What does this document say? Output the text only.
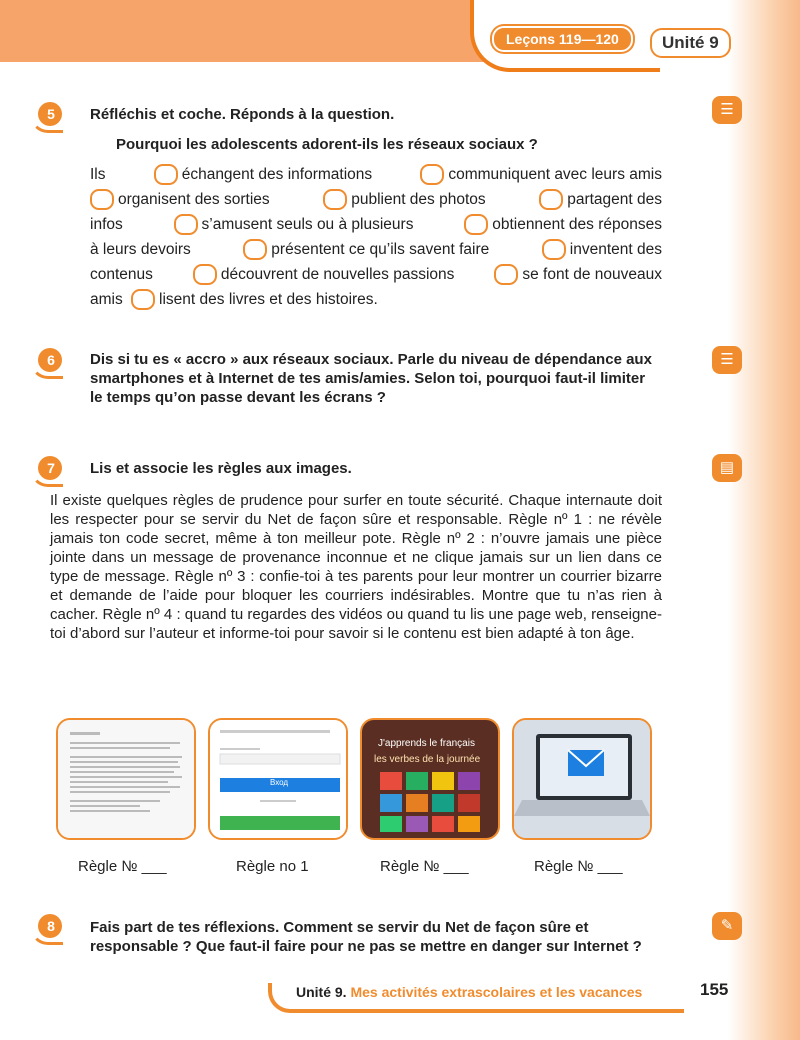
Leçons 119—120	Unité 9
5	Réfléchis et coche. Réponds à la question.
Pourquoi les adolescents adorent-ils les réseaux sociaux ?
☰
Ils	échangent des informations	communiquent avec leurs amis
organisent des sorties	publient des photos	partagent des
infos	s’amusent seuls ou à plusieurs	obtiennent des réponses
à leurs devoirs	présentent ce qu’ils savent faire	inventent des
contenus	découvrent de nouvelles passions	se font de nouveaux
amis lisent des livres et des histoires.
6	Dis si tu es « accro » aux réseaux sociaux. Parle du niveau de dépendance aux smartphones et à Internet de tes amis/amies. Selon toi, pourquoi faut-il limiter le temps qu’on passe devant les écrans ?
☰
7	Lis et associe les règles aux images.	▤
Il existe quelques règles de prudence pour surfer en toute sécurité. Chaque internaute doit les respecter pour se servir du Net de façon sûre et responsable. Règle nº 1 : ne révèle jamais ton code secret, même à ton meilleur pote. Règle nº 2 : n’ouvre jamais une pièce jointe dans un message de provenance inconnue et ne clique jamais sur un lien dans ce type de message. Règle nº 3 : confie-toi à tes parents pour leur montrer un courrier bizarre et demande de l’aide pour bloquer les courriers indésirables. Montre que tu n’as rien à cacher. Règle nº 4 : quand tu regardes des vidéos ou quand tu lis une page web, renseigne-toi d’abord sur l’auteur et informe-toi pour savoir si le contenu est bien adapté à ton âge.
Вход
J'apprends le français
les verbes de la journée
Règle № ___	Règle no 1	Règle № ___	Règle № ___
8	Fais part de tes réflexions. Comment se servir du Net de façon sûre et responsable ? Que faut-il faire pour ne pas se mettre en danger sur Internet ?
✎
Unité 9. Mes activités extrascolaires et les vacances	155
